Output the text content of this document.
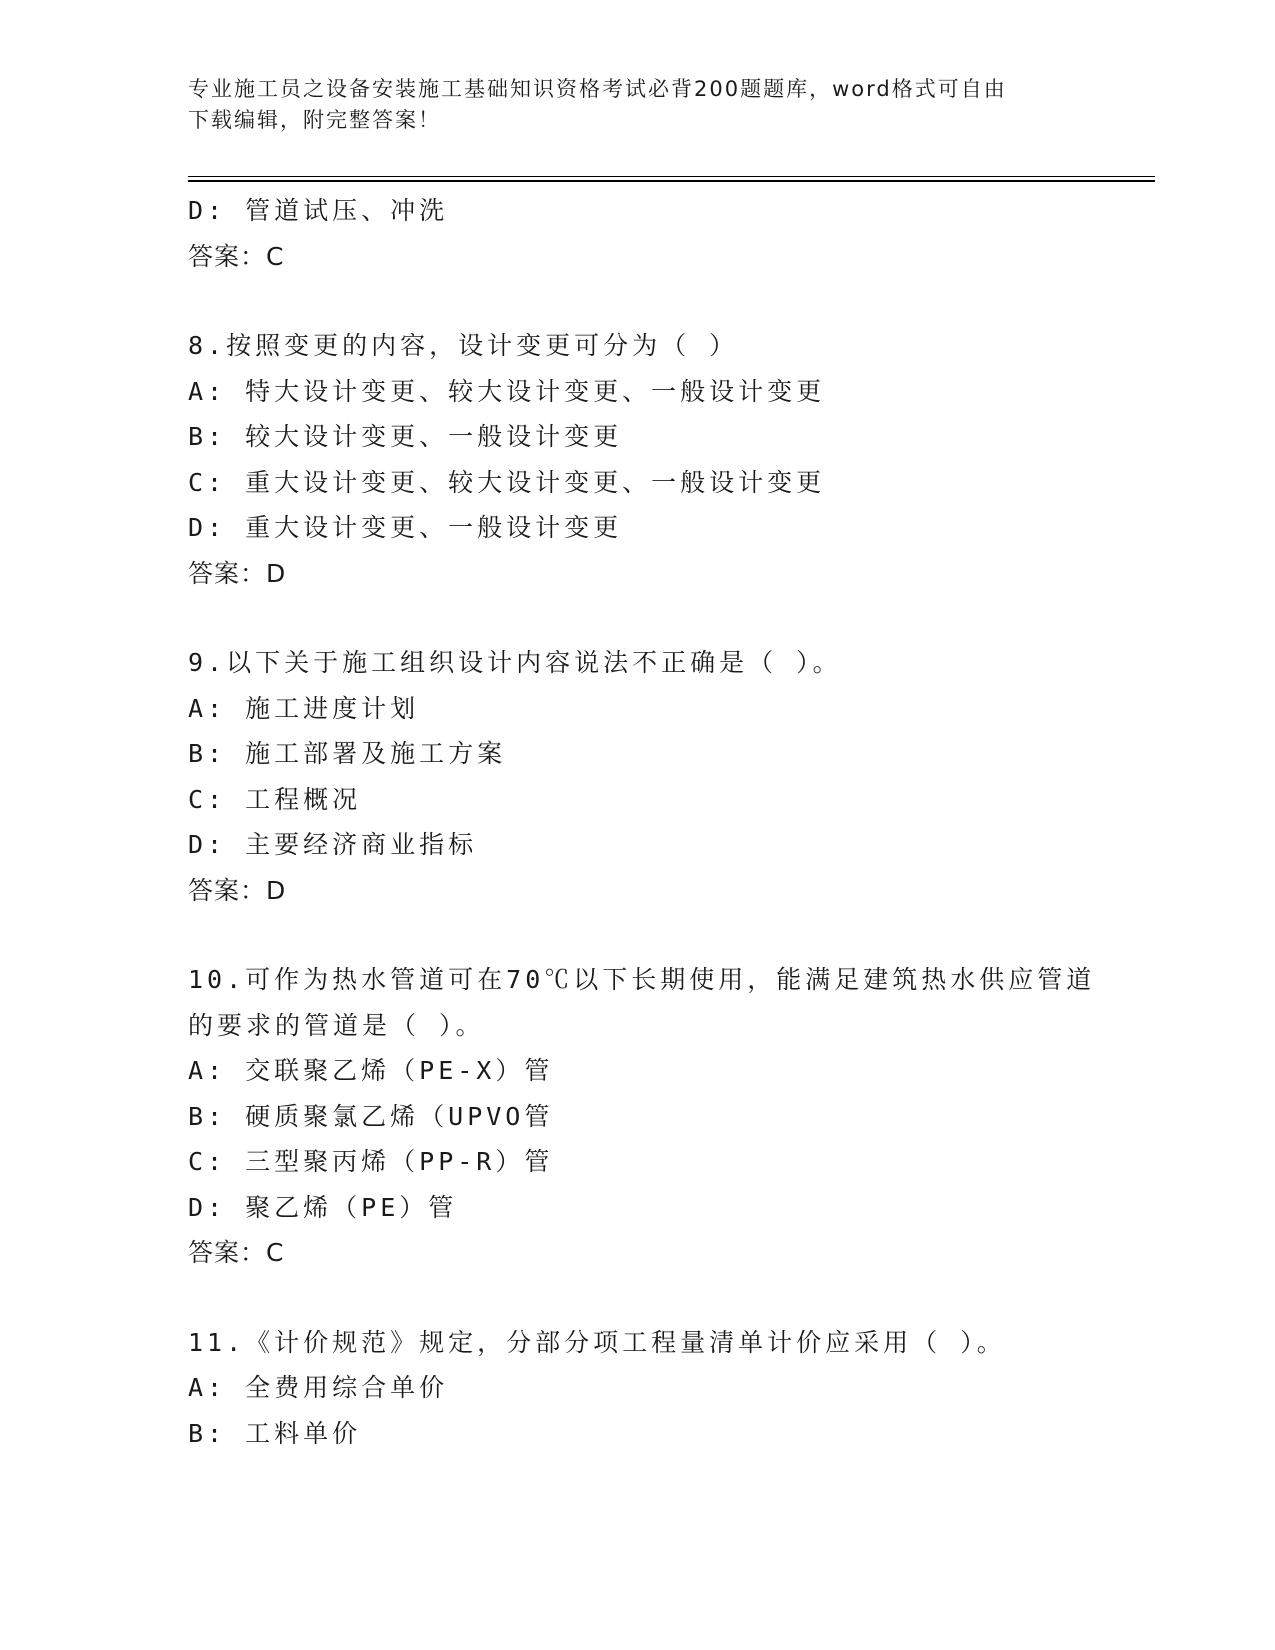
专业施工员之设备安装施工基础知识资格考试必背200题题库，word格式可自由
下载编辑，附完整答案！
D: 管道试压、冲洗
答案：C
8.按照变更的内容，设计变更可分为（ ）
A: 特大设计变更、较大设计变更、一般设计变更
B: 较大设计变更、一般设计变更
C: 重大设计变更、较大设计变更、一般设计变更
D: 重大设计变更、一般设计变更
答案：D
9.以下关于施工组织设计内容说法不正确是（ ）。
A: 施工进度计划
B: 施工部署及施工方案
C: 工程概况
D: 主要经济商业指标
答案：D
10.可作为热水管道可在70℃以下长期使用，能满足建筑热水供应管道
的要求的管道是（ ）。
A: 交联聚乙烯（PE-X）管
B: 硬质聚氯乙烯（UPVO管
C: 三型聚丙烯（PP-R）管
D: 聚乙烯（PE）管
答案：C
11.《计价规范》规定，分部分项工程量清单计价应采用（ ）。
A: 全费用综合单价
B: 工料单价
